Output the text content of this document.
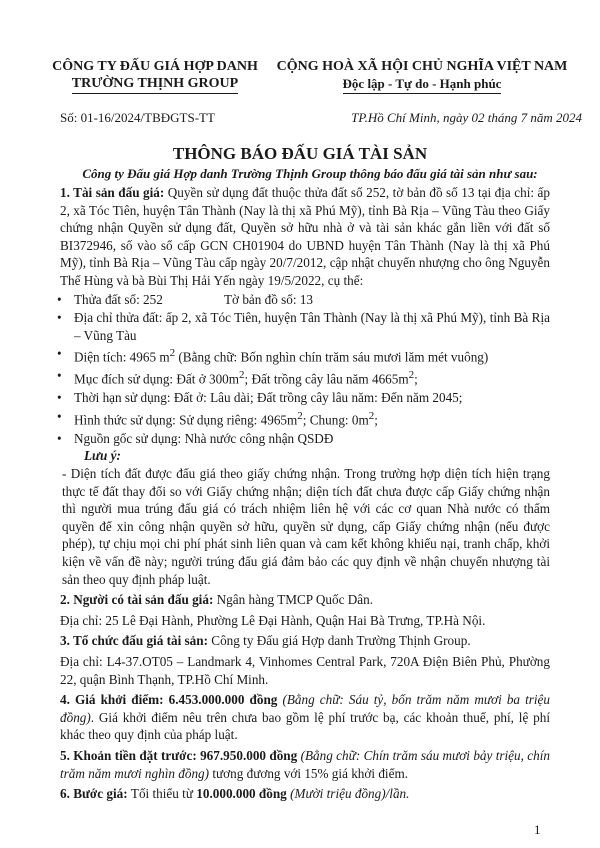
CÔNG TY ĐẤU GIÁ HỢP DANH
TRƯỜNG THỊNH GROUP
CỘNG HOÀ XÃ HỘI CHỦ NGHĨA VIỆT NAM
Độc lập - Tự do - Hạnh phúc
Số: 01-16/2024/TBĐGTS-TT	TP.Hồ Chí Minh, ngày 02 tháng 7 năm 2024
THÔNG BÁO ĐẤU GIÁ TÀI SẢN
Công ty Đấu giá Hợp danh Trường Thịnh Group thông báo đấu giá tài sản như sau:

1. Tài sản đấu giá: Quyền sử dụng đất thuộc thửa đất số 252, tờ bản đồ số 13 tại địa chỉ: ấp 2, xã Tóc Tiên, huyện Tân Thành (Nay là thị xã Phú Mỹ), tỉnh Bà Rịa – Vũng Tàu theo Giấy chứng nhận Quyền sử dụng đất, Quyền sở hữu nhà ở và tài sản khác gắn liền với đất số BI372946, số vào sổ cấp GCN CH01904 do UBND huyện Tân Thành (Nay là thị xã Phú Mỹ), tỉnh Bà Rịa – Vũng Tàu cấp ngày 20/7/2012, cập nhật chuyển nhượng cho ông Nguyễn Thế Hùng và bà Bùi Thị Hải Yến ngày 19/5/2022, cụ thể:

• Thửa đất số: 252	Tờ bản đồ số: 13
• Địa chỉ thửa đất: ấp 2, xã Tóc Tiên, huyện Tân Thành (Nay là thị xã Phú Mỹ), tỉnh Bà Rịa – Vũng Tàu
• Diện tích: 4965 $m^2$ (Bằng chữ: Bốn nghìn chín trăm sáu mươi lăm mét vuông)
• Mục đích sử dụng: Đất ở $300m^2$; Đất trồng cây lâu năm $4665m^2$;
• Thời hạn sử dụng: Đất ở: Lâu dài; Đất trồng cây lâu năm: Đến năm 2045;
• Hình thức sử dụng: Sử dụng riêng: $4965m^2$; Chung: $0m^2$;
• Nguồn gốc sử dụng: Nhà nước công nhận QSDĐ

Lưu ý:

- Diện tích đất được đấu giá theo giấy chứng nhận. Trong trường hợp diện tích hiện trạng thực tế đất thay đổi so với Giấy chứng nhận; diện tích đất chưa được cấp Giấy chứng nhận thì người mua trúng đấu giá có trách nhiệm liên hệ với các cơ quan Nhà nước có thẩm quyền để xin công nhận quyền sở hữu, quyền sử dụng, cấp Giấy chứng nhận (nếu được phép), tự chịu mọi chi phí phát sinh liên quan và cam kết không khiếu nại, tranh chấp, khởi kiện về vấn đề này; người trúng đấu giá đảm bảo các quy định về nhận chuyển nhượng tài sản theo quy định pháp luật.

2. Người có tài sản đấu giá: Ngân hàng TMCP Quốc Dân.

Địa chỉ: 25 Lê Đại Hành, Phường Lê Đại Hành, Quận Hai Bà Trưng, TP.Hà Nội.

3. Tổ chức đấu giá tài sản: Công ty Đấu giá Hợp danh Trường Thịnh Group.

Địa chỉ: L4-37.OT05 – Landmark 4, Vinhomes Central Park, 720A Điện Biên Phủ, Phường 22, quận Bình Thạnh, TP.Hồ Chí Minh.

4. Giá khởi điểm: 6.453.000.000 đồng (Bằng chữ: Sáu tỷ, bốn trăm năm mươi ba triệu đồng). Giá khởi điểm nêu trên chưa bao gồm lệ phí trước bạ, các khoản thuế, phí, lệ phí khác theo quy định của pháp luật.

5. Khoản tiền đặt trước: 967.950.000 đồng (Bằng chữ: Chín trăm sáu mươi bảy triệu, chín trăm năm mươi nghìn đồng) tương đương với 15% giá khởi điểm.

6. Bước giá: Tối thiểu từ 10.000.000 đồng (Mười triệu đồng)/lần.

1
